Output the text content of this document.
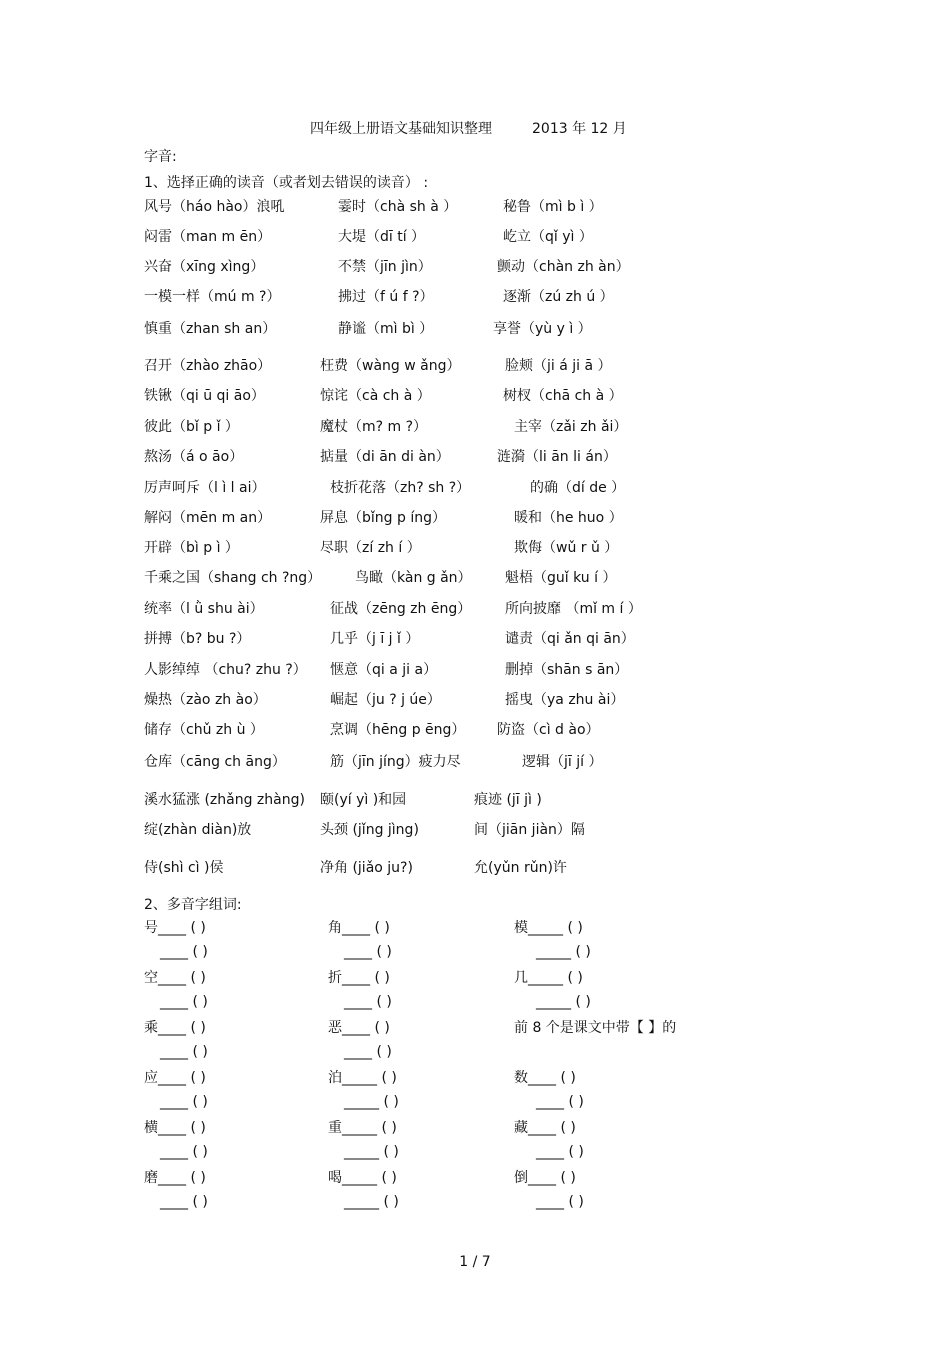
四年级上册语文基础知识整理	2013 年 12 月
字音:
1、选择正确的读音（或者划去错误的读音） :
风号（háo hào）浪吼	霎时（chà sh à ）	秘鲁（mì b ì ）
闷雷（man m ēn）	大堤（dī tí ）	屹立（qǐ yì ）
兴奋（xīng xìng）	不禁（jīn jìn）	颤动（chàn zh àn）
一模一样（mú m ?）	拂过（f ú f ?）	逐渐（zú zh ú ）
慎重（zhan sh an）	静谧（mì bì ）	享誉（yù y ì ）
召开（zhào zhāo）	枉费（wàng w ǎng）	脸颊（ji á ji ā ）
铁锹（qi ū qi āo）	惊诧（cà ch à ）	树杈（chā ch à ）
彼此（bǐ p ǐ ）	魔杖（m? m ?）	主宰（zǎi zh ǎi）
熬汤（á o āo）	掂量（di ān di àn）	涟漪（li ān li án）
厉声呵斥（l ì l ai）	枝折花落（zh? sh ?）	的确（dí de ）
解闷（mēn m an）	屏息（bǐng p íng）	暖和（he huo ）
开辟（bì p ì ）	尽职（zí zh í ）	欺侮（wǔ r ǔ ）
千乘之国（shang ch ?ng） 鸟瞰（kàn g ǎn） 魁梧（guǐ ku í ）
统率（l ǜ shu ài）	征战（zēng zh ēng） 所向披靡 （mǐ m í ）
拼搏（b? bu ?）	几乎（j ī j ǐ ）	谴责（qi ǎn qi ān）
人影绰绰 （chu? zhu ?） 惬意（qi a ji a）	删掉（shān s ān）
燥热（zào zh ào）	崛起（ju ? j úe）	摇曳（ya zhu ài）
储存（chǔ zh ù ）	烹调（hēng p ēng） 防盗（cì d ào）
仓库（cāng ch āng）	筋（jīn jíng）疲力尽	逻辑（jī jí ）
溪水猛涨 (zhǎng zhàng) 颐(yí yì )和园	痕迹 (jī jì )
绽(zhàn diàn)放	头颈 (jǐng jìng)	间（jiān jiàn）隔
侍(shì cì )侯	净角 (jiǎo ju?)	允(yǔn rǔn)许
2、多音字组词:
号____ ( )	角____ ( )	模_____ ( )
____ ( )	____ ( )	_____ ( )
空____ ( )	折____ ( )	几_____ ( )
____ ( )	____ ( )	_____ ( )
乘____ ( )	恶____ ( )	前 8 个是课文中带【 】的
____ ( )	____ ( )
应____ ( )	泊_____ ( )	数____ ( )
____ ( )	_____ ( )	____ ( )
横____ ( )	重_____ ( )	藏____ ( )
____ ( )	_____ ( )	____ ( )
磨____ ( )	喝_____ ( )	倒____ ( )
____ ( )	_____ ( )	____ ( )
1 / 7
